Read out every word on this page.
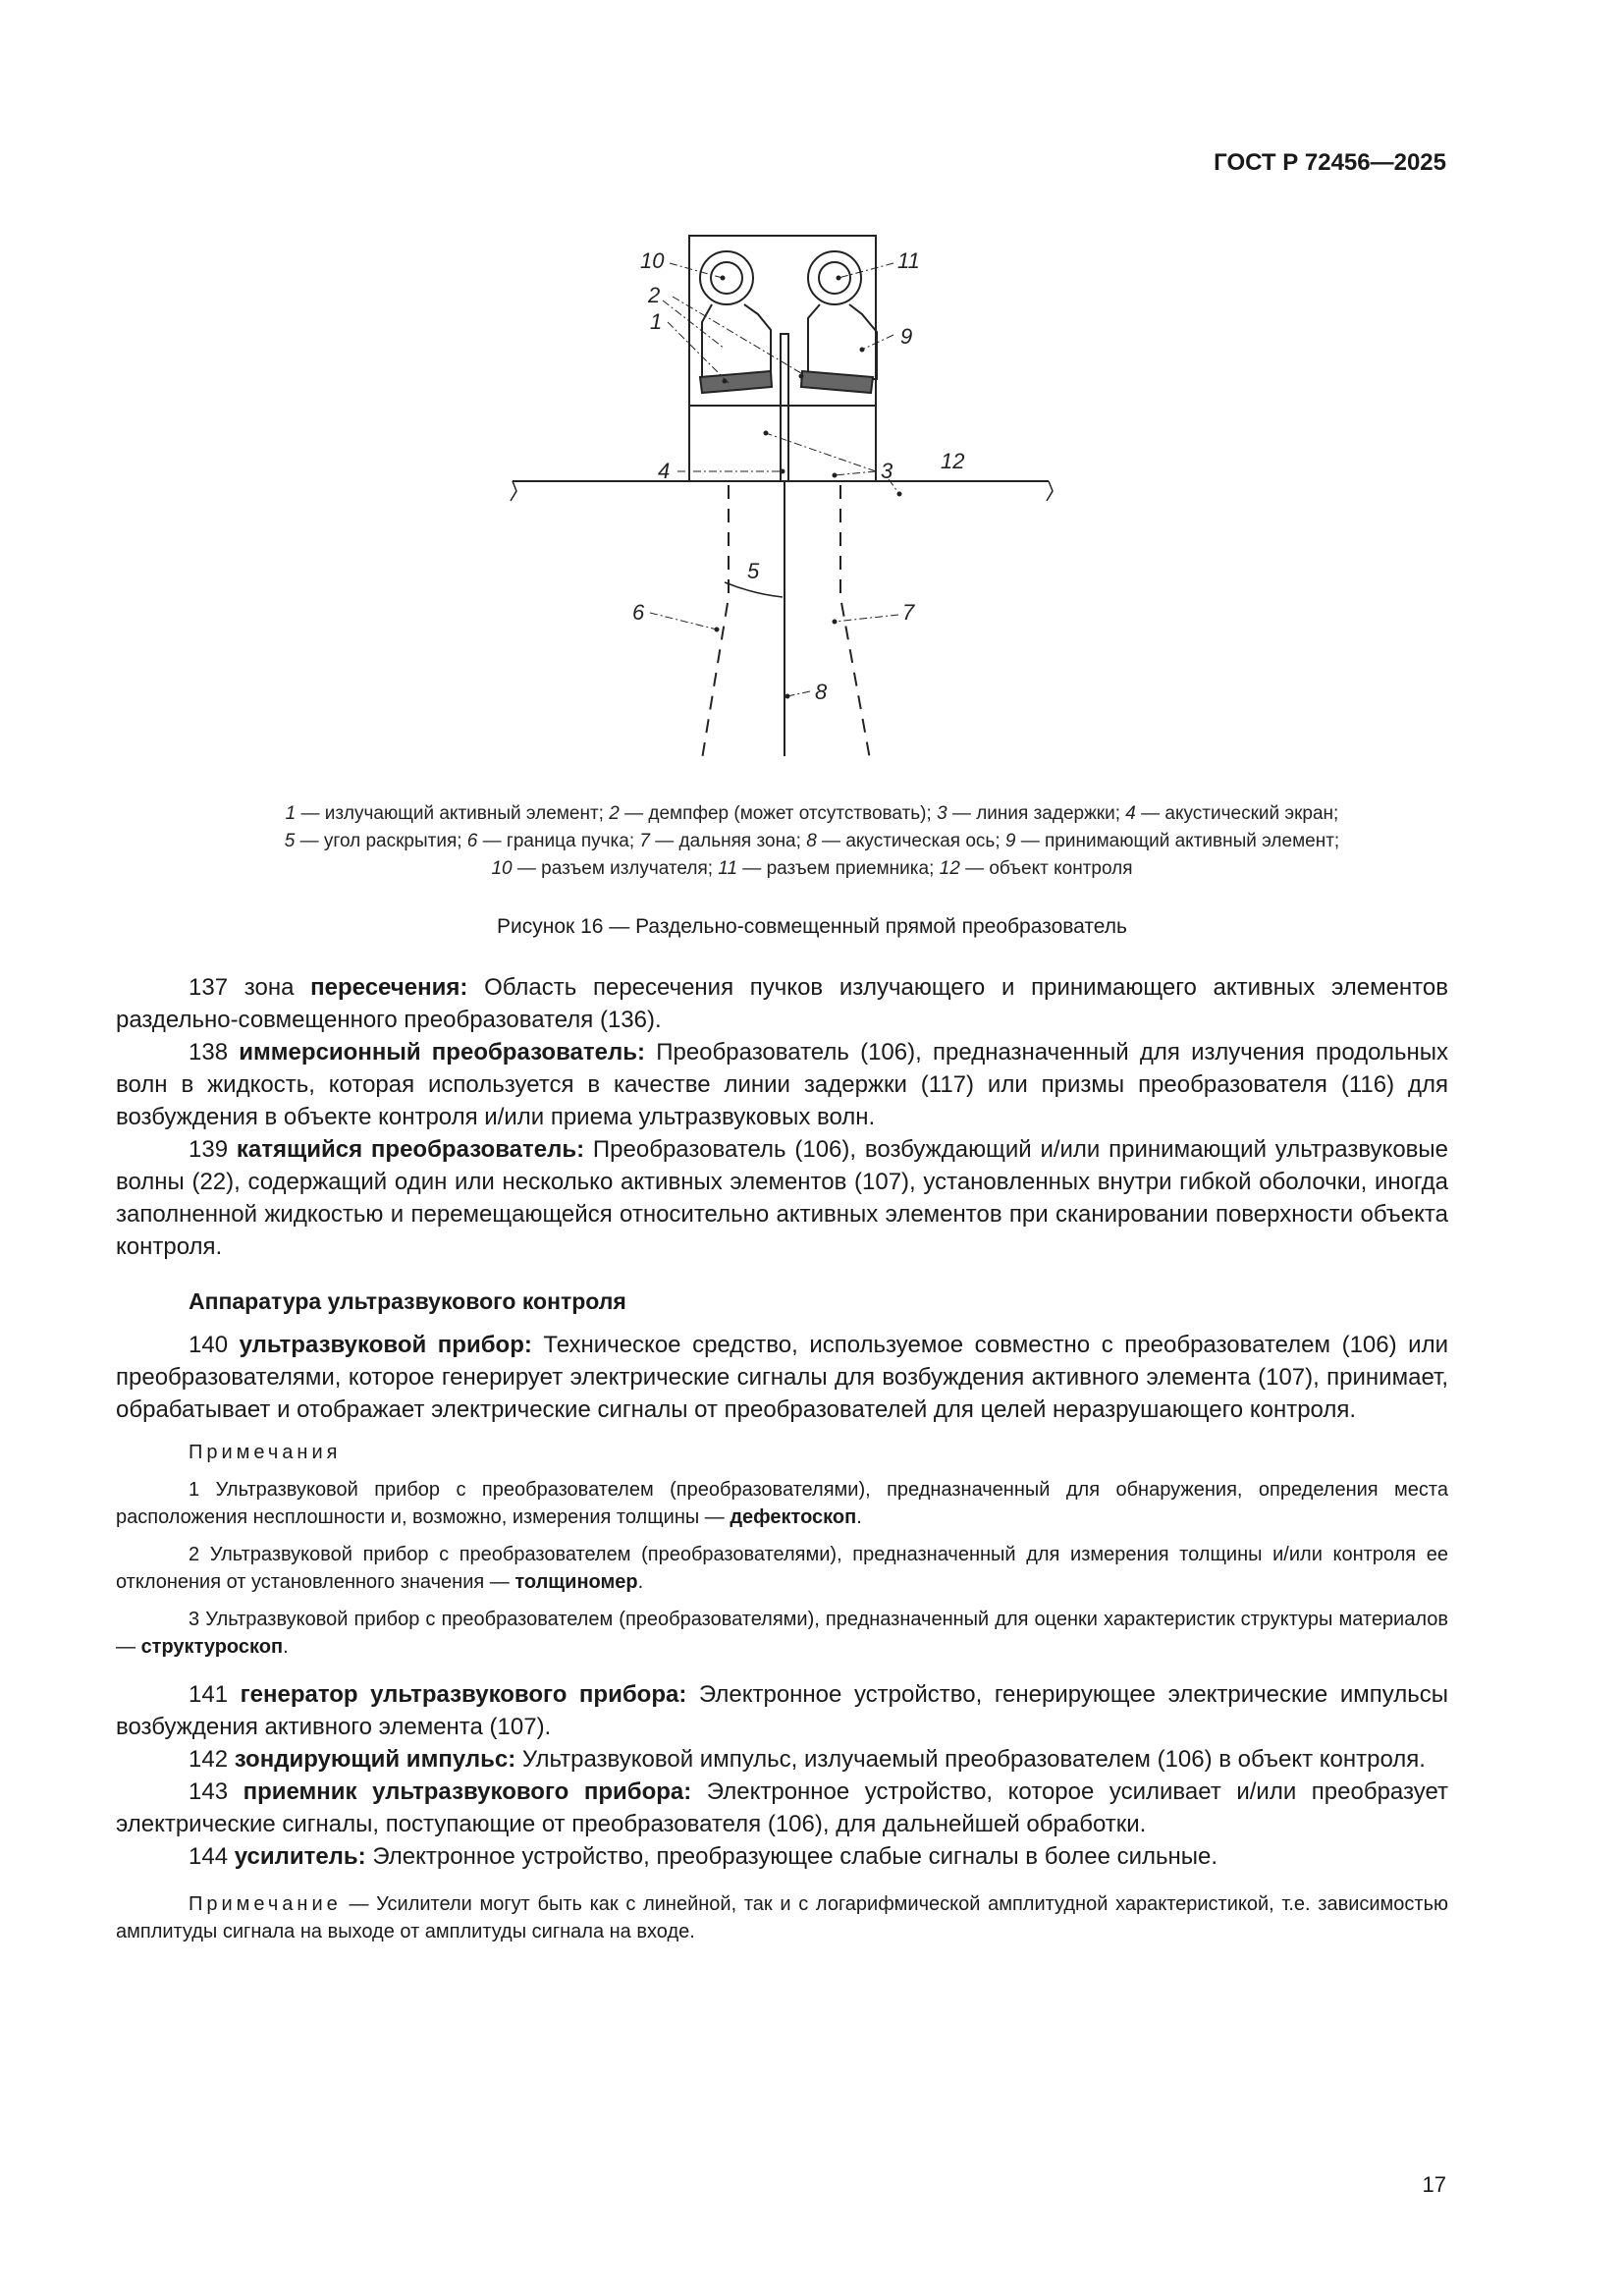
ГОСТ Р 72456—2025
10	11
2
1
9
3
4	12
5
6	7
8
1 — излучающий активный элемент; 2 — демпфер (может отсутствовать); 3 — линия задержки; 4 — акустический экран;
5 — угол раскрытия; 6 — граница пучка; 7 — дальняя зона; 8 — акустическая ось; 9 — принимающий активный элемент;
10 — разъем излучателя; 11 — разъем приемника; 12 — объект контроля
Рисунок 16 — Раздельно-совмещенный прямой преобразователь

137 зона пересечения: Область пересечения пучков излучающего и принимающего активных элементов раздельно-совмещенного преобразователя (136).

138 иммерсионный преобразователь: Преобразователь (106), предназначенный для излучения продольных волн в жидкость, которая используется в качестве линии задержки (117) или призмы преобразователя (116) для возбуждения в объекте контроля и/или приема ультразвуковых волн.

139 катящийся преобразователь: Преобразователь (106), возбуждающий и/или принимающий ультразвуковые волны (22), содержащий один или несколько активных элементов (107), установленных внутри гибкой оболочки, иногда заполненной жидкостью и перемещающейся относительно активных элементов при сканировании поверхности объекта контроля.

Аппаратура ультразвукового контроля

140 ультразвуковой прибор: Техническое средство, используемое совместно с преобразователем (106) или преобразователями, которое генерирует электрические сигналы для возбуждения активного элемента (107), принимает, обрабатывает и отображает электрические сигналы от преобразователей для целей неразрушающего контроля.

Примечания

1 Ультразвуковой прибор с преобразователем (преобразователями), предназначенный для обнаружения, определения места расположения несплошности и, возможно, измерения толщины — дефектоскоп.

2 Ультразвуковой прибор с преобразователем (преобразователями), предназначенный для измерения толщины и/или контроля ее отклонения от установленного значения — толщиномер.

3 Ультразвуковой прибор с преобразователем (преобразователями), предназначенный для оценки характеристик структуры материалов — структуроскоп.

141 генератор ультразвукового прибора: Электронное устройство, генерирующее электрические импульсы возбуждения активного элемента (107).

142 зондирующий импульс: Ультразвуковой импульс, излучаемый преобразователем (106) в объект контроля.

143 приемник ультразвукового прибора: Электронное устройство, которое усиливает и/или преобразует электрические сигналы, поступающие от преобразователя (106), для дальнейшей обработки.

144 усилитель: Электронное устройство, преобразующее слабые сигналы в более сильные.

Примечание — Усилители могут быть как с линейной, так и с логарифмической амплитудной характеристикой, т.е. зависимостью амплитуды сигнала на выходе от амплитуды сигнала на входе.

17
